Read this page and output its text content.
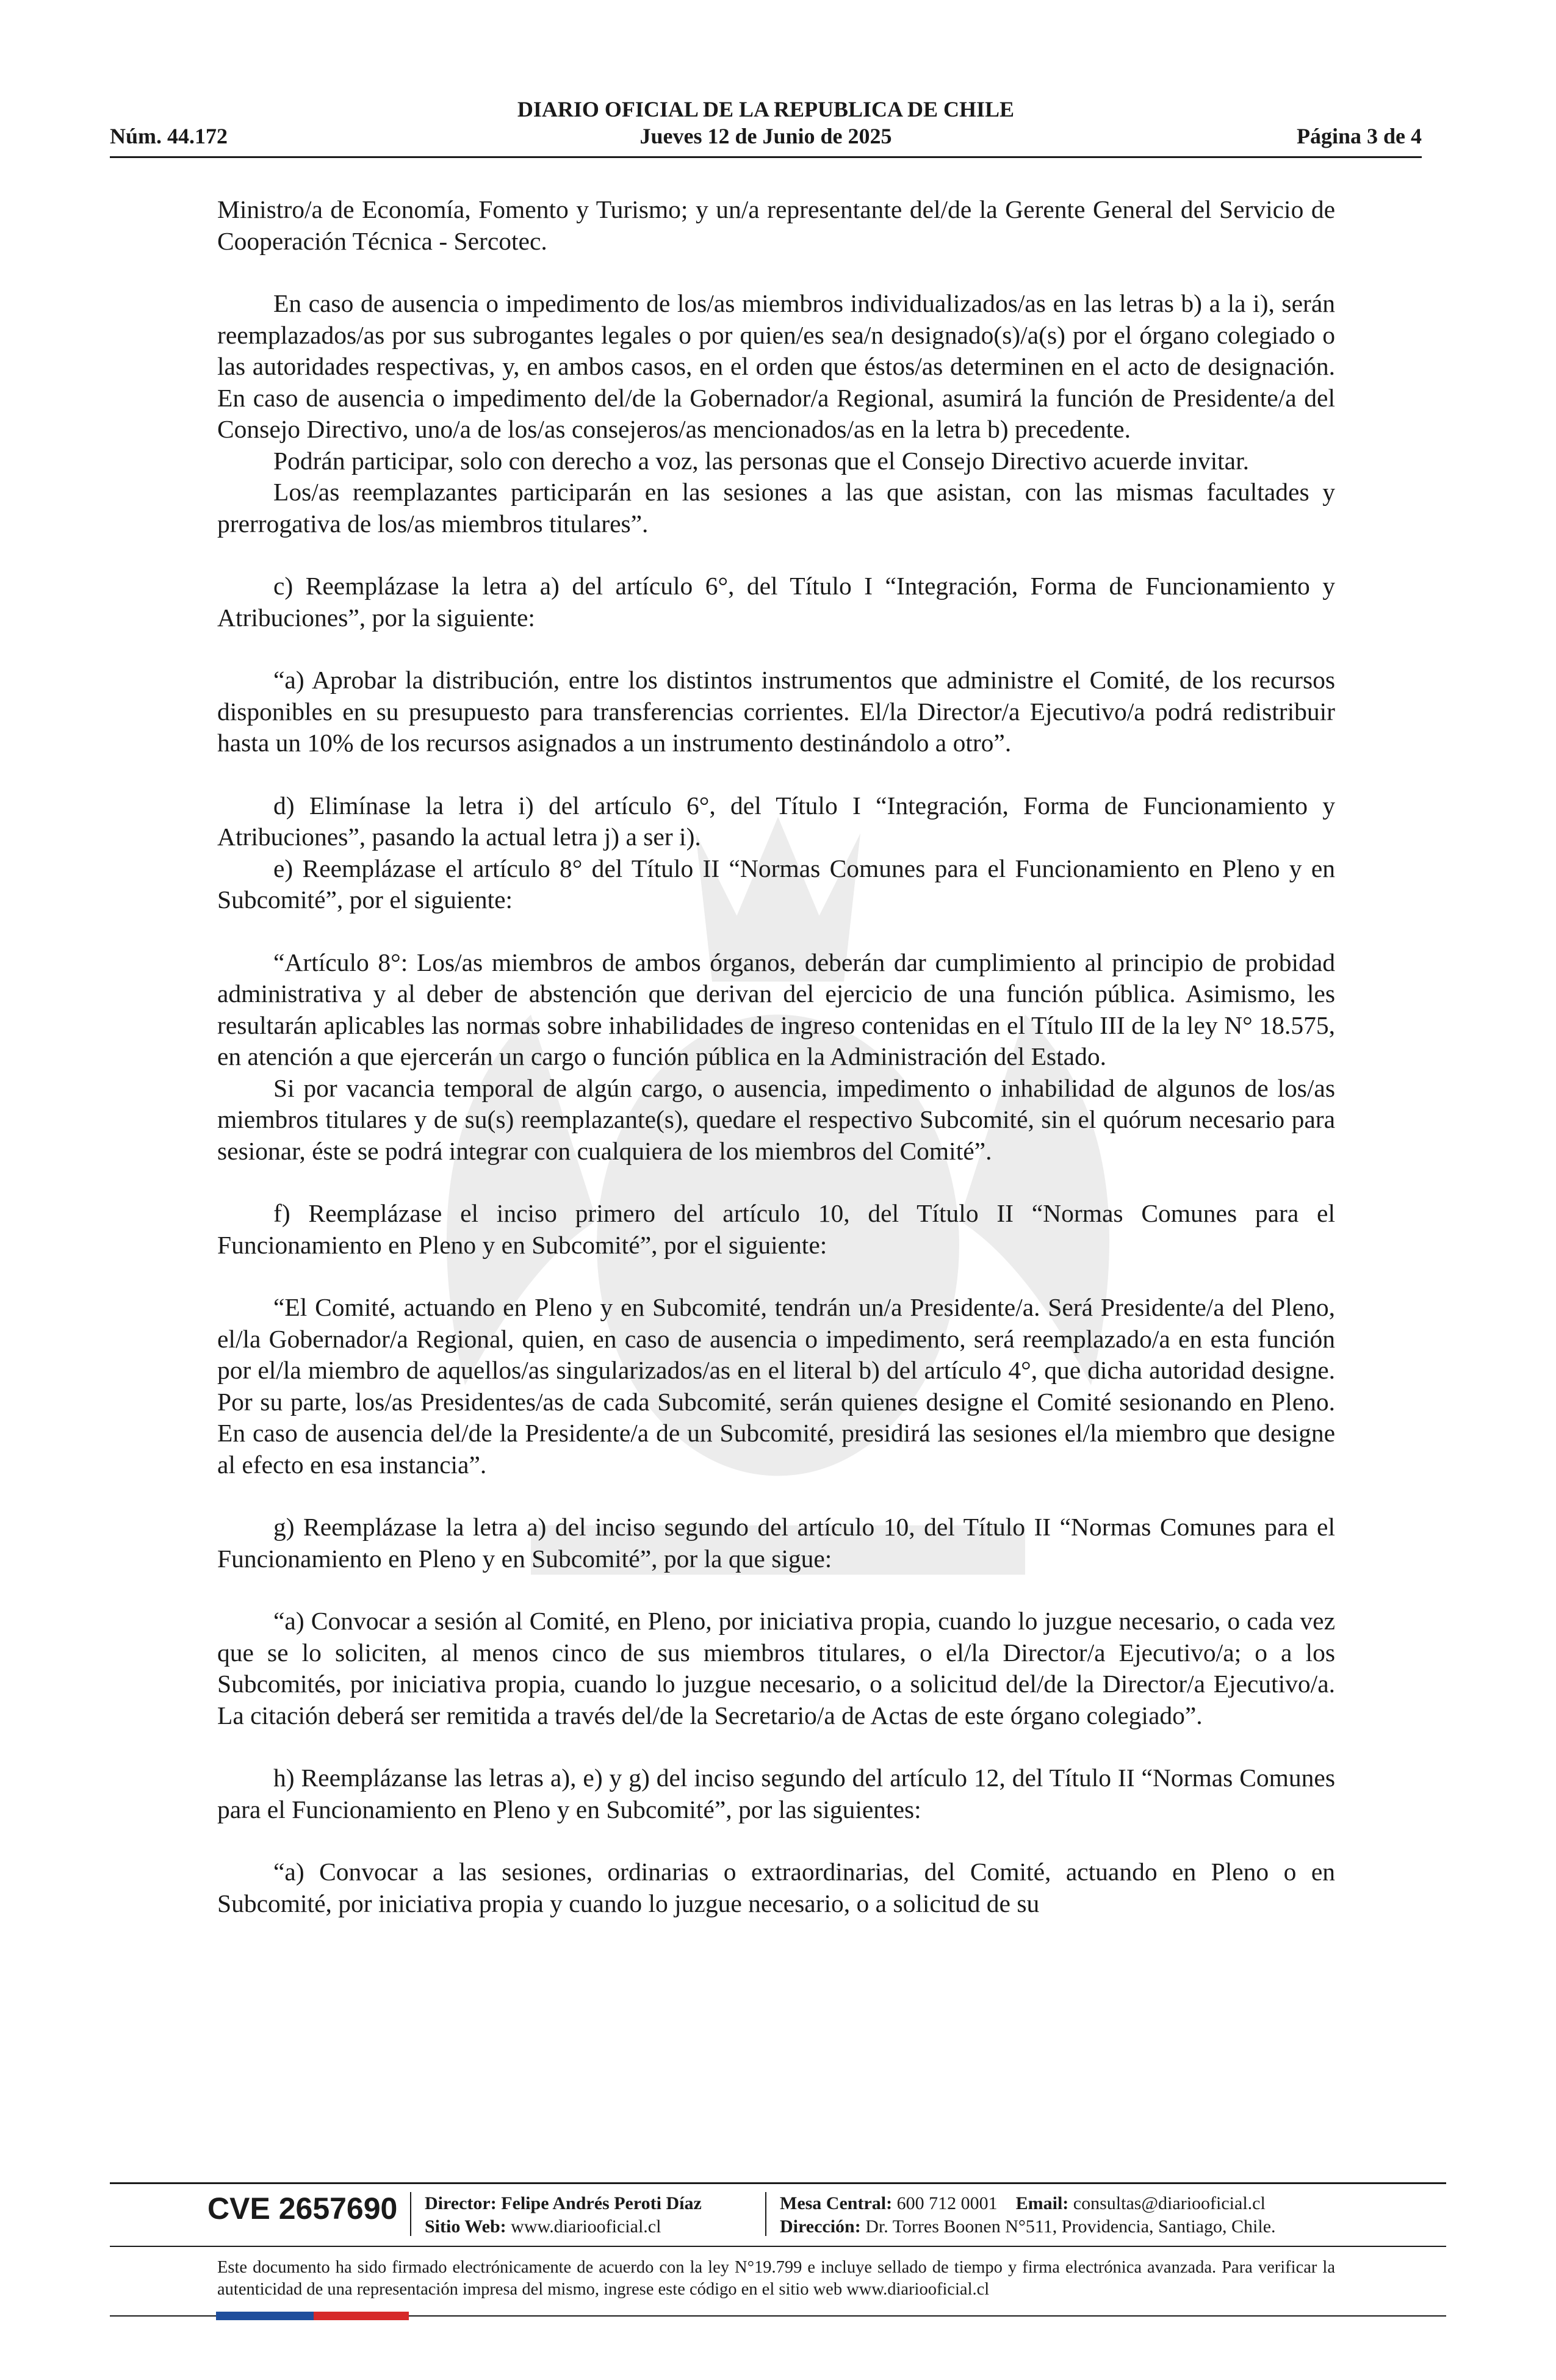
DIARIO OFICIAL DE LA REPUBLICA DE CHILE
Núm. 44.172	Jueves 12 de Junio de 2025	Página 3 de 4

Ministro/a de Economía, Fomento y Turismo; y un/a representante del/de la Gerente General del Servicio de Cooperación Técnica - Sercotec.

En caso de ausencia o impedimento de los/as miembros individualizados/as en las letras b) a la i), serán reemplazados/as por sus subrogantes legales o por quien/es sea/n designado(s)/a(s) por el órgano colegiado o las autoridades respectivas, y, en ambos casos, en el orden que éstos/as determinen en el acto de designación. En caso de ausencia o impedimento del/de la Gobernador/a Regional, asumirá la función de Presidente/a del Consejo Directivo, uno/a de los/as consejeros/as mencionados/as en la letra b) precedente.

Podrán participar, solo con derecho a voz, las personas que el Consejo Directivo acuerde invitar.

Los/as reemplazantes participarán en las sesiones a las que asistan, con las mismas facultades y prerrogativa de los/as miembros titulares”.

c) Reemplázase la letra a) del artículo 6°, del Título I “Integración, Forma de Funcionamiento y Atribuciones”, por la siguiente:

“a) Aprobar la distribución, entre los distintos instrumentos que administre el Comité, de los recursos disponibles en su presupuesto para transferencias corrientes. El/la Director/a Ejecutivo/a podrá redistribuir hasta un 10% de los recursos asignados a un instrumento destinándolo a otro”.

d) Elimínase la letra i) del artículo 6°, del Título I “Integración, Forma de Funcionamiento y Atribuciones”, pasando la actual letra j) a ser i).

e) Reemplázase el artículo 8° del Título II “Normas Comunes para el Funcionamiento en Pleno y en Subcomité”, por el siguiente:

“Artículo 8°: Los/as miembros de ambos órganos, deberán dar cumplimiento al principio de probidad administrativa y al deber de abstención que derivan del ejercicio de una función pública. Asimismo, les resultarán aplicables las normas sobre inhabilidades de ingreso contenidas en el Título III de la ley N° 18.575, en atención a que ejercerán un cargo o función pública en la Administración del Estado.

Si por vacancia temporal de algún cargo, o ausencia, impedimento o inhabilidad de algunos de los/as miembros titulares y de su(s) reemplazante(s), quedare el respectivo Subcomité, sin el quórum necesario para sesionar, éste se podrá integrar con cualquiera de los miembros del Comité”.

f) Reemplázase el inciso primero del artículo 10, del Título II “Normas Comunes para el Funcionamiento en Pleno y en Subcomité”, por el siguiente:

“El Comité, actuando en Pleno y en Subcomité, tendrán un/a Presidente/a. Será Presidente/a del Pleno, el/la Gobernador/a Regional, quien, en caso de ausencia o impedimento, será reemplazado/a en esta función por el/la miembro de aquellos/as singularizados/as en el literal b) del artículo 4°, que dicha autoridad designe. Por su parte, los/as Presidentes/as de cada Subcomité, serán quienes designe el Comité sesionando en Pleno. En caso de ausencia del/de la Presidente/a de un Subcomité, presidirá las sesiones el/la miembro que designe al efecto en esa instancia”.

g) Reemplázase la letra a) del inciso segundo del artículo 10, del Título II “Normas Comunes para el Funcionamiento en Pleno y en Subcomité”, por la que sigue:

“a) Convocar a sesión al Comité, en Pleno, por iniciativa propia, cuando lo juzgue necesario, o cada vez que se lo soliciten, al menos cinco de sus miembros titulares, o el/la Director/a Ejecutivo/a; o a los Subcomités, por iniciativa propia, cuando lo juzgue necesario, o a solicitud del/de la Director/a Ejecutivo/a. La citación deberá ser remitida a través del/de la Secretario/a de Actas de este órgano colegiado”.

h) Reemplázanse las letras a), e) y g) del inciso segundo del artículo 12, del Título II “Normas Comunes para el Funcionamiento en Pleno y en Subcomité”, por las siguientes:

“a) Convocar a las sesiones, ordinarias o extraordinarias, del Comité, actuando en Pleno o en Subcomité, por iniciativa propia y cuando lo juzgue necesario, o a solicitud de su

CVE 2657690 Director: Felipe Andrés Peroti Díaz
Sitio Web: www.diariooficial.cl
Mesa Central: 600 712 0001 Email: consultas@diariooficial.cl
Dirección: Dr. Torres Boonen N°511, Providencia, Santiago, Chile.
Este documento ha sido firmado electrónicamente de acuerdo con la ley N°19.799 e incluye sellado de tiempo y firma electrónica avanzada. Para verificar la autenticidad de una representación impresa del mismo, ingrese este código en el sitio web www.diariooficial.cl
